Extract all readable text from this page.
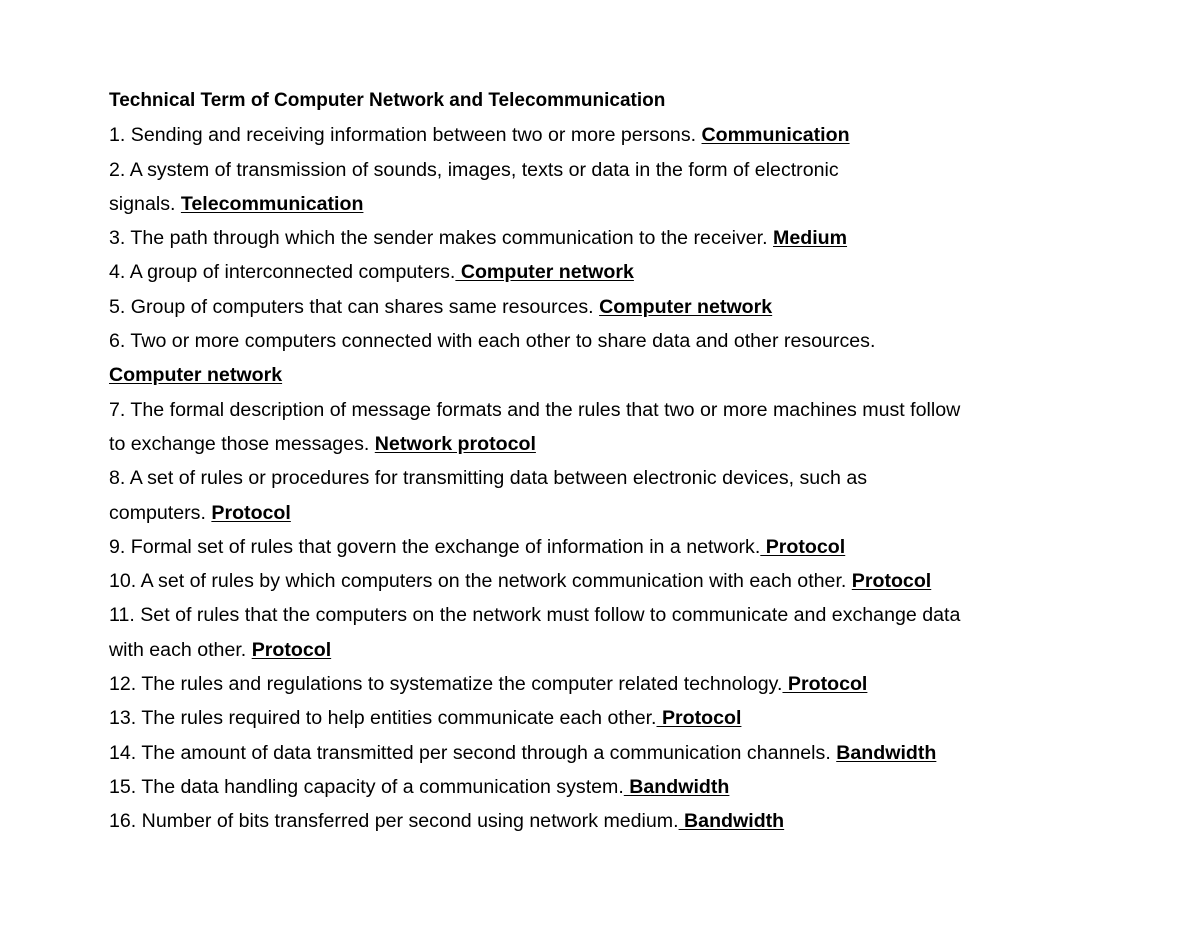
Technical Term of Computer Network and Telecommunication

1. Sending and receiving information between two or more persons. Communication

2. A system of transmission of sounds, images, texts or data in the form of electronic

signals. Telecommunication

3. The path through which the sender makes communication to the receiver. Medium

4. A group of interconnected computers. Computer network

5. Group of computers that can shares same resources. Computer network

6. Two or more computers connected with each other to share data and other resources.

Computer network

7. The formal description of message formats and the rules that two or more machines must follow

to exchange those messages. Network protocol

8. A set of rules or procedures for transmitting data between electronic devices, such as

computers. Protocol

9. Formal set of rules that govern the exchange of information in a network. Protocol

10. A set of rules by which computers on the network communication with each other. Protocol

11. Set of rules that the computers on the network must follow to communicate and exchange data

with each other. Protocol

12. The rules and regulations to systematize the computer related technology. Protocol

13. The rules required to help entities communicate each other. Protocol

14. The amount of data transmitted per second through a communication channels. Bandwidth

15. The data handling capacity of a communication system. Bandwidth

16. Number of bits transferred per second using network medium. Bandwidth
